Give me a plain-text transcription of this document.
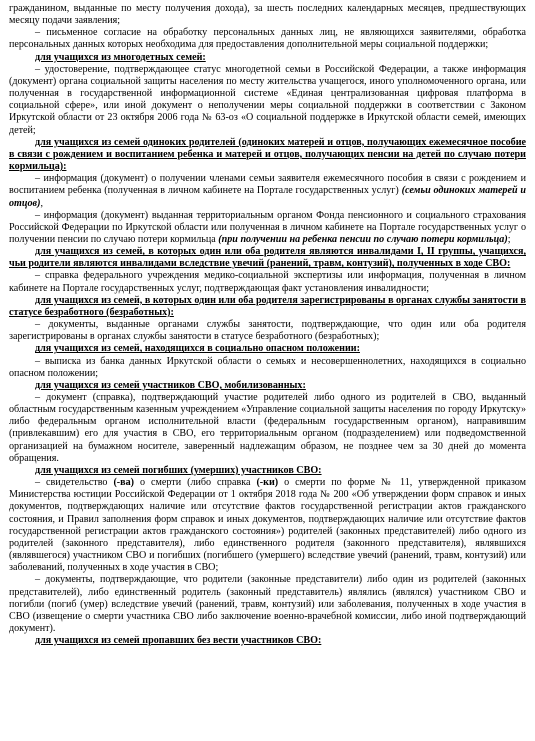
гражданином, выданные по месту получения дохода), за шесть последних календарных месяцев, предшествующих месяцу подачи заявления;

– письменное согласие на обработку персональных данных лиц, не являющихся заявителями, обработка персональных данных которых необходима для предоставления дополнительной меры социальной поддержки;

для учащихся из многодетных семей:

– удостоверение, подтверждающее статус многодетной семьи в Российской Федерации, а также информация (документ) органа социальной защиты населения по месту жительства учащегося, иного уполномоченного органа, или полученная в государственной информационной системе «Единая централизованная цифровая платформа в социальной сфере», или иной документ о неполучении меры социальной поддержки в соответствии с Законом Иркутской области от 23 октября 2006 года № 63-оз «О социальной поддержке в Иркутской области семей, имеющих детей;

для учащихся из семей одиноких родителей (одиноких матерей и отцов, получающих ежемесячное пособие в связи с рождением и воспитанием ребенка и матерей и отцов, получающих пенсии на детей по случаю потери кормильца):

– информация (документ) о получении членами семьи заявителя ежемесячного пособия в связи с рождением и воспитанием ребенка (полученная в личном кабинете на Портале государственных услуг) (семьи одиноких матерей и отцов),

– информация (документ) выданная территориальным органом Фонда пенсионного и социального страхования Российской Федерации по Иркутской области или полученная в личном кабинете на Портале государственных услуг о получении пенсии по случаю потери кормильца (при получении на ребенка пенсии по случаю потери кормильца);

для учащихся из семей, в которых один или оба родителя являются инвалидами I, II группы, учащихся, чьи родители являются инвалидами вследствие увечий (ранений, травм, контузий), полученных в ходе СВО:

– справка федерального учреждения медико-социальной экспертизы или информация, полученная в личном кабинете на Портале государственных услуг, подтверждающая факт установления инвалидности;

для учащихся из семей, в которых один или оба родителя зарегистрированы в органах службы занятости в статусе безработного (безработных):

– документы, выданные органами службы занятости, подтверждающие, что один или оба родителя зарегистрированы в органах службы занятости в статусе безработного (безработных);

для учащихся из семей, находящихся в социально опасном положении:

– выписка из банка данных Иркутской области о семьях и несовершеннолетних, находящихся в социально опасном положении;

для учащихся из семей участников СВО, мобилизованных:

– документ (справка), подтверждающий участие родителей либо одного из родителей в СВО, выданный областным государственным казенным учреждением «Управление социальной защиты населения по городу Иркутску» либо федеральным органом исполнительной власти (федеральным государственным органом), направившим (привлекавшим) его для участия в СВО, его территориальным органом (подразделением) или подведомственной организацией на бумажном носителе, заверенный надлежащим образом, не позднее чем за 30 дней до момента обращения.

для учащихся из семей погибших (умерших) участников СВО:

– свидетельство (-ва) о смерти (либо справка (-ки) о смерти по форме № 11, утвержденной приказом Министерства юстиции Российской Федерации от 1 октября 2018 года № 200 «Об утверждении форм справок и иных документов, подтверждающих наличие или отсутствие фактов государственной регистрации актов гражданского состояния, и Правил заполнения форм справок и иных документов, подтверждающих наличие или отсутствие фактов государственной регистрации актов гражданского состояния») родителей (законных представителей) либо одного из родителей (законного представителя), либо единственного родителя (законного представителя), являвшихся (являвшегося) участником СВО и погибших (погибшего (умершего) вследствие увечий (ранений, травм, контузий) или заболеваний, полученных в ходе участия в СВО;

– документы, подтверждающие, что родители (законные представители) либо один из родителей (законных представителей), либо единственный родитель (законный представитель) являлись (являлся) участником СВО и погибли (погиб (умер) вследствие увечий (ранений, травм, контузий) или заболевания, полученных в ходе участия в СВО (извещение о смерти участника СВО либо заключение военно-врачебной комиссии, либо иной подтверждающий документ).

для учащихся из семей пропавших без вести участников СВО:
